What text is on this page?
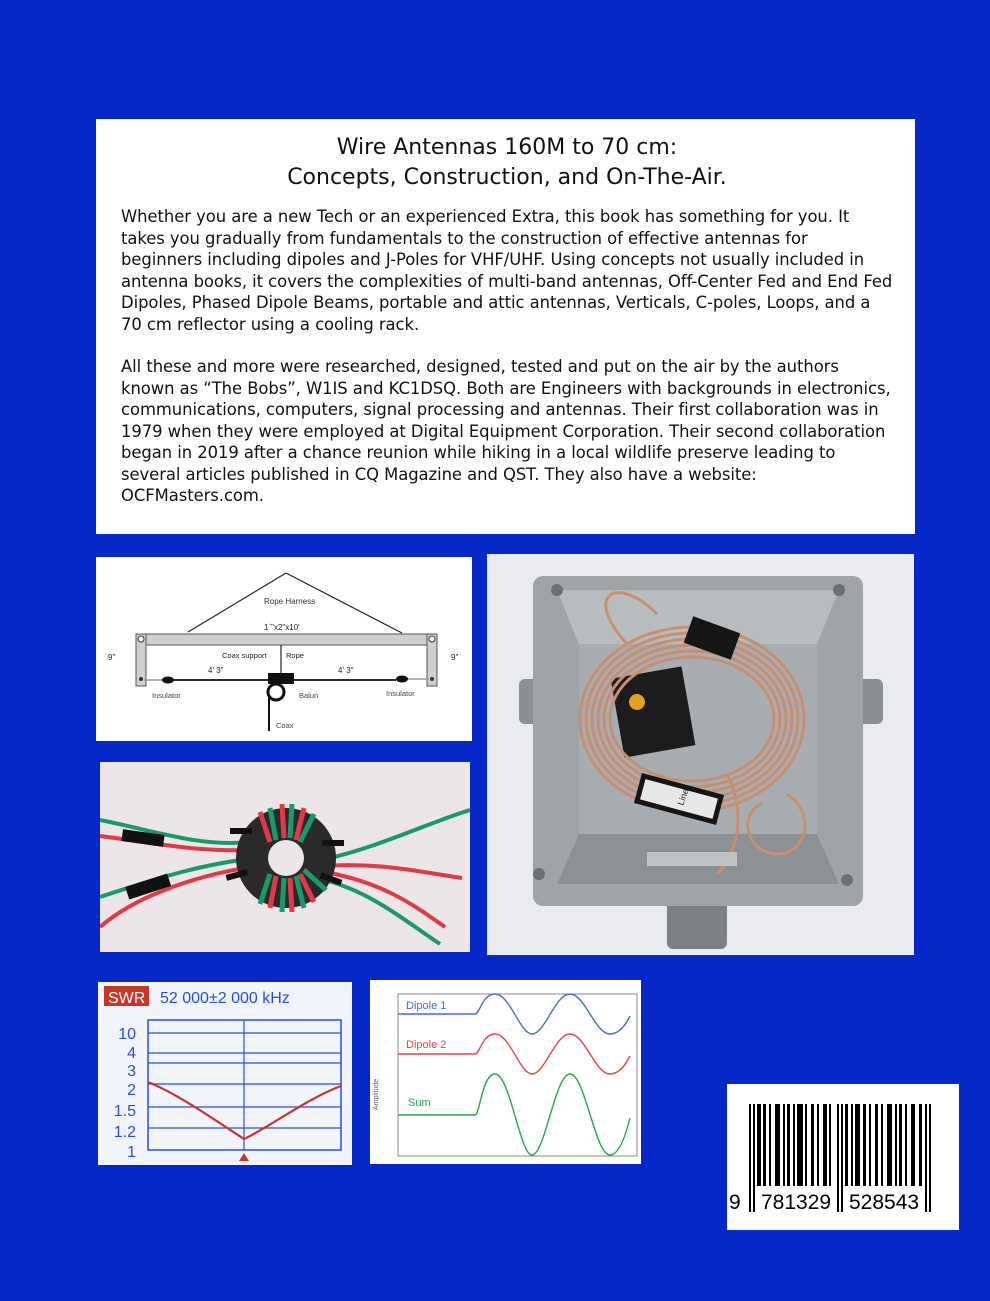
Wire Antennas 160M to 70 cm:
Concepts, Construction, and On-The-Air.

Whether you are a new Tech or an experienced Extra, this book has something for you. It takes you gradually from fundamentals to the construction of effective antennas for beginners including dipoles and J-Poles for VHF/UHF. Using concepts not usually included in antenna books, it covers the complexities of multi-band antennas, Off-Center Fed and End Fed Dipoles, Phased Dipole Beams, portable and attic antennas, Verticals, C-poles, Loops, and a 70 cm reflector using a cooling rack.

All these and more were researched, designed, tested and put on the air by the authors known as “The Bobs”, W1IS and KC1DSQ. Both are Engineers with backgrounds in electronics, communications, computers, signal processing and antennas. Their first collaboration was in 1979 when they were employed at Digital Equipment Corporation. Their second collaboration began in 2019 after a chance reunion while hiking in a local wildlife preserve leading to several articles published in CQ Magazine and QST. They also have a website: OCFMasters.com.

Rope Harness
1`"x2"x10'
9"	9"
Coax support	Rope
4' 3"	4' 3"
Insulator	Insulator
Balun
Coax
Line
SWR 52 000±2 000 kHz
10
4
3
2
1.5
1.2
1
Amplitude
Dipole 1
Dipole 2
Sum
9 781329 528543
